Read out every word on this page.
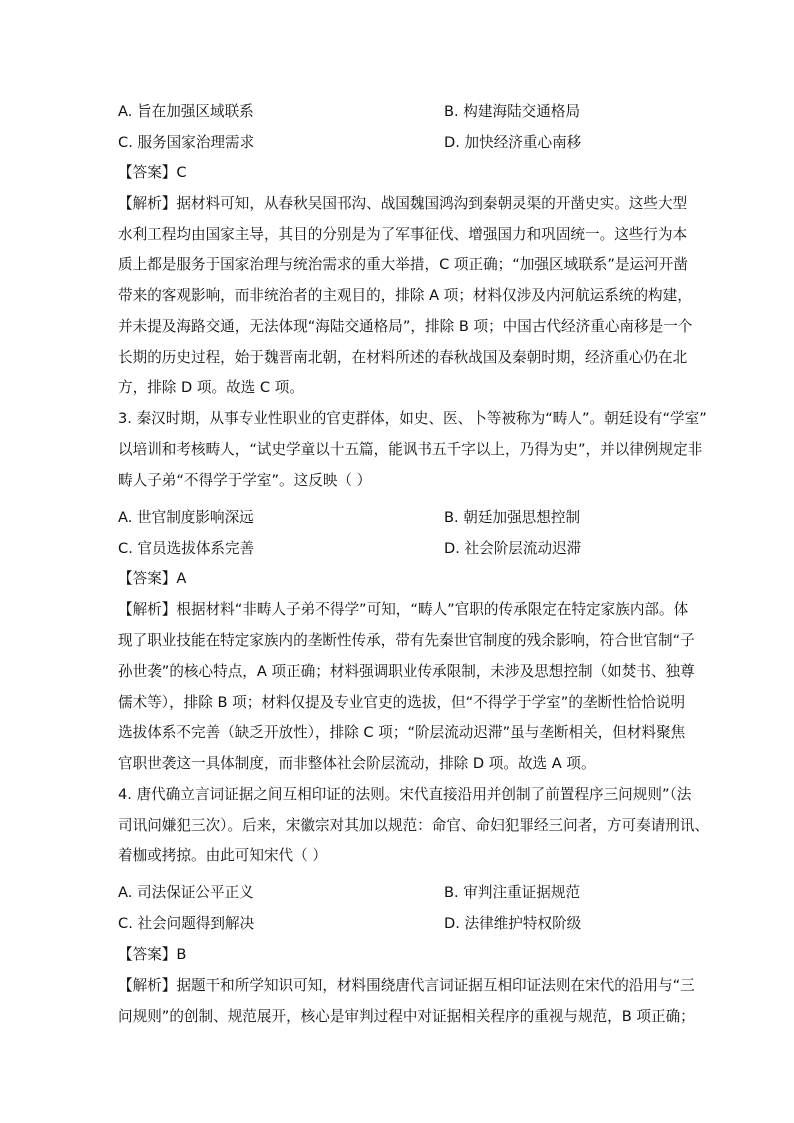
A. 旨在加强区域联系	B. 构建海陆交通格局
C. 服务国家治理需求	D. 加快经济重心南移
【答案】C
【解析】据材料可知，从春秋吴国邗沟、战国魏国鸿沟到秦朝灵渠的开凿史实。这些大型
水利工程均由国家主导，其目的分别是为了军事征伐、增强国力和巩固统一。这些行为本
质上都是服务于国家治理与统治需求的重大举措，C 项正确；“加强区域联系”是运河开凿
带来的客观影响，而非统治者的主观目的，排除 A 项；材料仅涉及内河航运系统的构建，
并未提及海路交通，无法体现“海陆交通格局”，排除 B 项；中国古代经济重心南移是一个
长期的历史过程，始于魏晋南北朝，在材料所述的春秋战国及秦朝时期，经济重心仍在北
方，排除 D 项。故选 C 项。
3. 秦汉时期，从事专业性职业的官吏群体，如史、医、卜等被称为“畴人”。朝廷设有“学室”
以培训和考核畴人，“试史学童以十五篇，能讽书五千字以上，乃得为史”，并以律例规定非
畴人子弟“不得学于学室”。这反映（ ）
A. 世官制度影响深远	B. 朝廷加强思想控制
C. 官员选拔体系完善	D. 社会阶层流动迟滞
【答案】A
【解析】根据材料“非畴人子弟不得学”可知，“畴人”官职的传承限定在特定家族内部。体
现了职业技能在特定家族内的垄断性传承，带有先秦世官制度的残余影响，符合世官制“子
孙世袭”的核心特点，A 项正确；材料强调职业传承限制，未涉及思想控制（如焚书、独尊
儒术等），排除 B 项；材料仅提及专业官吏的选拔，但“不得学于学室”的垄断性恰恰说明
选拔体系不完善（缺乏开放性），排除 C 项；“阶层流动迟滞”虽与垄断相关，但材料聚焦
官职世袭这一具体制度，而非整体社会阶层流动，排除 D 项。故选 A 项。
4. 唐代确立言词证据之间互相印证的法则。宋代直接沿用并创制了前置程序三问规则”（法
司讯问嫌犯三次）。后来，宋徽宗对其加以规范：命官、命妇犯罪经三问者，方可奏请刑讯、
着枷或拷掠。由此可知宋代（ ）
A. 司法保证公平正义	B. 审判注重证据规范
C. 社会问题得到解决	D. 法律维护特权阶级
【答案】B
【解析】据题干和所学知识可知，材料围绕唐代言词证据互相印证法则在宋代的沿用与“三
问规则”的创制、规范展开，核心是审判过程中对证据相关程序的重视与规范，B 项正确；
